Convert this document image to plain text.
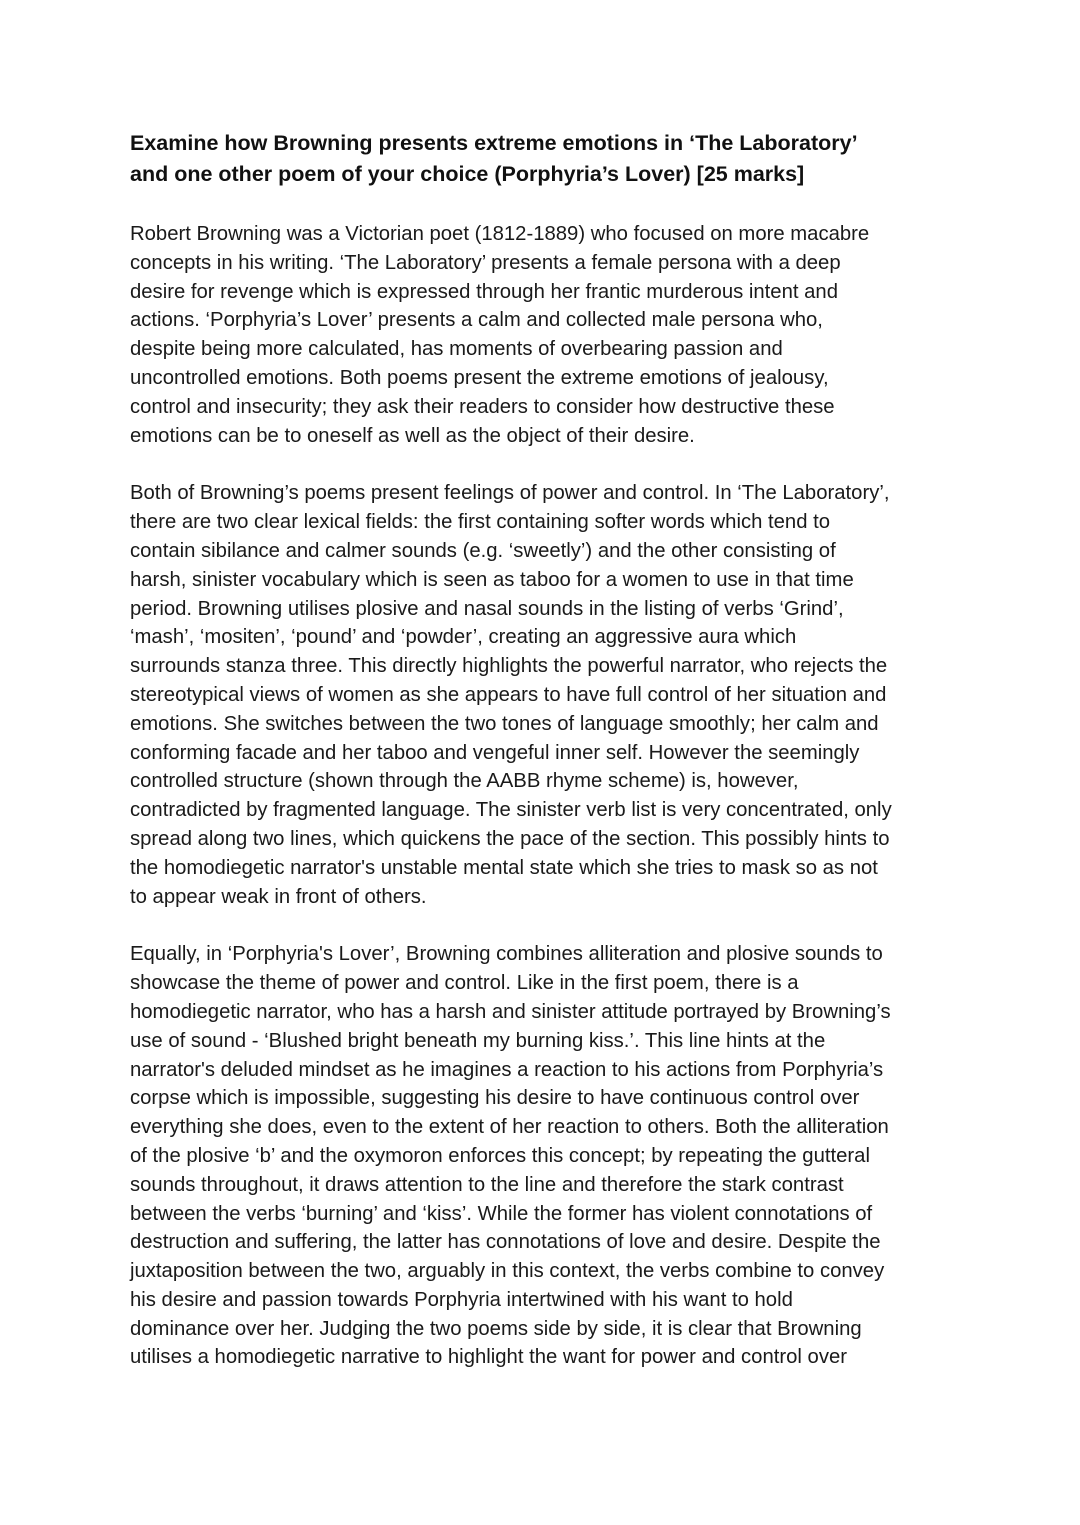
Examine how Browning presents extreme emotions in ‘The Laboratory’
and one other poem of your choice (Porphyria’s Lover) [25 marks]

Robert Browning was a Victorian poet (1812-1889) who focused on more macabre
concepts in his writing. ‘The Laboratory’ presents a female persona with a deep
desire for revenge which is expressed through her frantic murderous intent and
actions. ‘Porphyria’s Lover’ presents a calm and collected male persona who,
despite being more calculated, has moments of overbearing passion and
uncontrolled emotions. Both poems present the extreme emotions of jealousy,
control and insecurity; they ask their readers to consider how destructive these
emotions can be to oneself as well as the object of their desire.

Both of Browning’s poems present feelings of power and control. In ‘The Laboratory’,
there are two clear lexical fields: the first containing softer words which tend to
contain sibilance and calmer sounds (e.g. ‘sweetly’) and the other consisting of
harsh, sinister vocabulary which is seen as taboo for a women to use in that time
period. Browning utilises plosive and nasal sounds in the listing of verbs ‘Grind’,
‘mash’, ‘mositen’, ‘pound’ and ‘powder’, creating an aggressive aura which
surrounds stanza three. This directly highlights the powerful narrator, who rejects the
stereotypical views of women as she appears to have full control of her situation and
emotions. She switches between the two tones of language smoothly; her calm and
conforming facade and her taboo and vengeful inner self. However the seemingly
controlled structure (shown through the AABB rhyme scheme) is, however,
contradicted by fragmented language. The sinister verb list is very concentrated, only
spread along two lines, which quickens the pace of the section. This possibly hints to
the homodiegetic narrator's unstable mental state which she tries to mask so as not
to appear weak in front of others.

Equally, in ‘Porphyria's Lover’, Browning combines alliteration and plosive sounds to
showcase the theme of power and control. Like in the first poem, there is a
homodiegetic narrator, who has a harsh and sinister attitude portrayed by Browning’s
use of sound - ‘Blushed bright beneath my burning kiss.’. This line hints at the
narrator's deluded mindset as he imagines a reaction to his actions from Porphyria’s
corpse which is impossible, suggesting his desire to have continuous control over
everything she does, even to the extent of her reaction to others. Both the alliteration
of the plosive ‘b’ and the oxymoron enforces this concept; by repeating the gutteral
sounds throughout, it draws attention to the line and therefore the stark contrast
between the verbs ‘burning’ and ‘kiss’. While the former has violent connotations of
destruction and suffering, the latter has connotations of love and desire. Despite the
juxtaposition between the two, arguably in this context, the verbs combine to convey
his desire and passion towards Porphyria intertwined with his want to hold
dominance over her. Judging the two poems side by side, it is clear that Browning
utilises a homodiegetic narrative to highlight the want for power and control over
